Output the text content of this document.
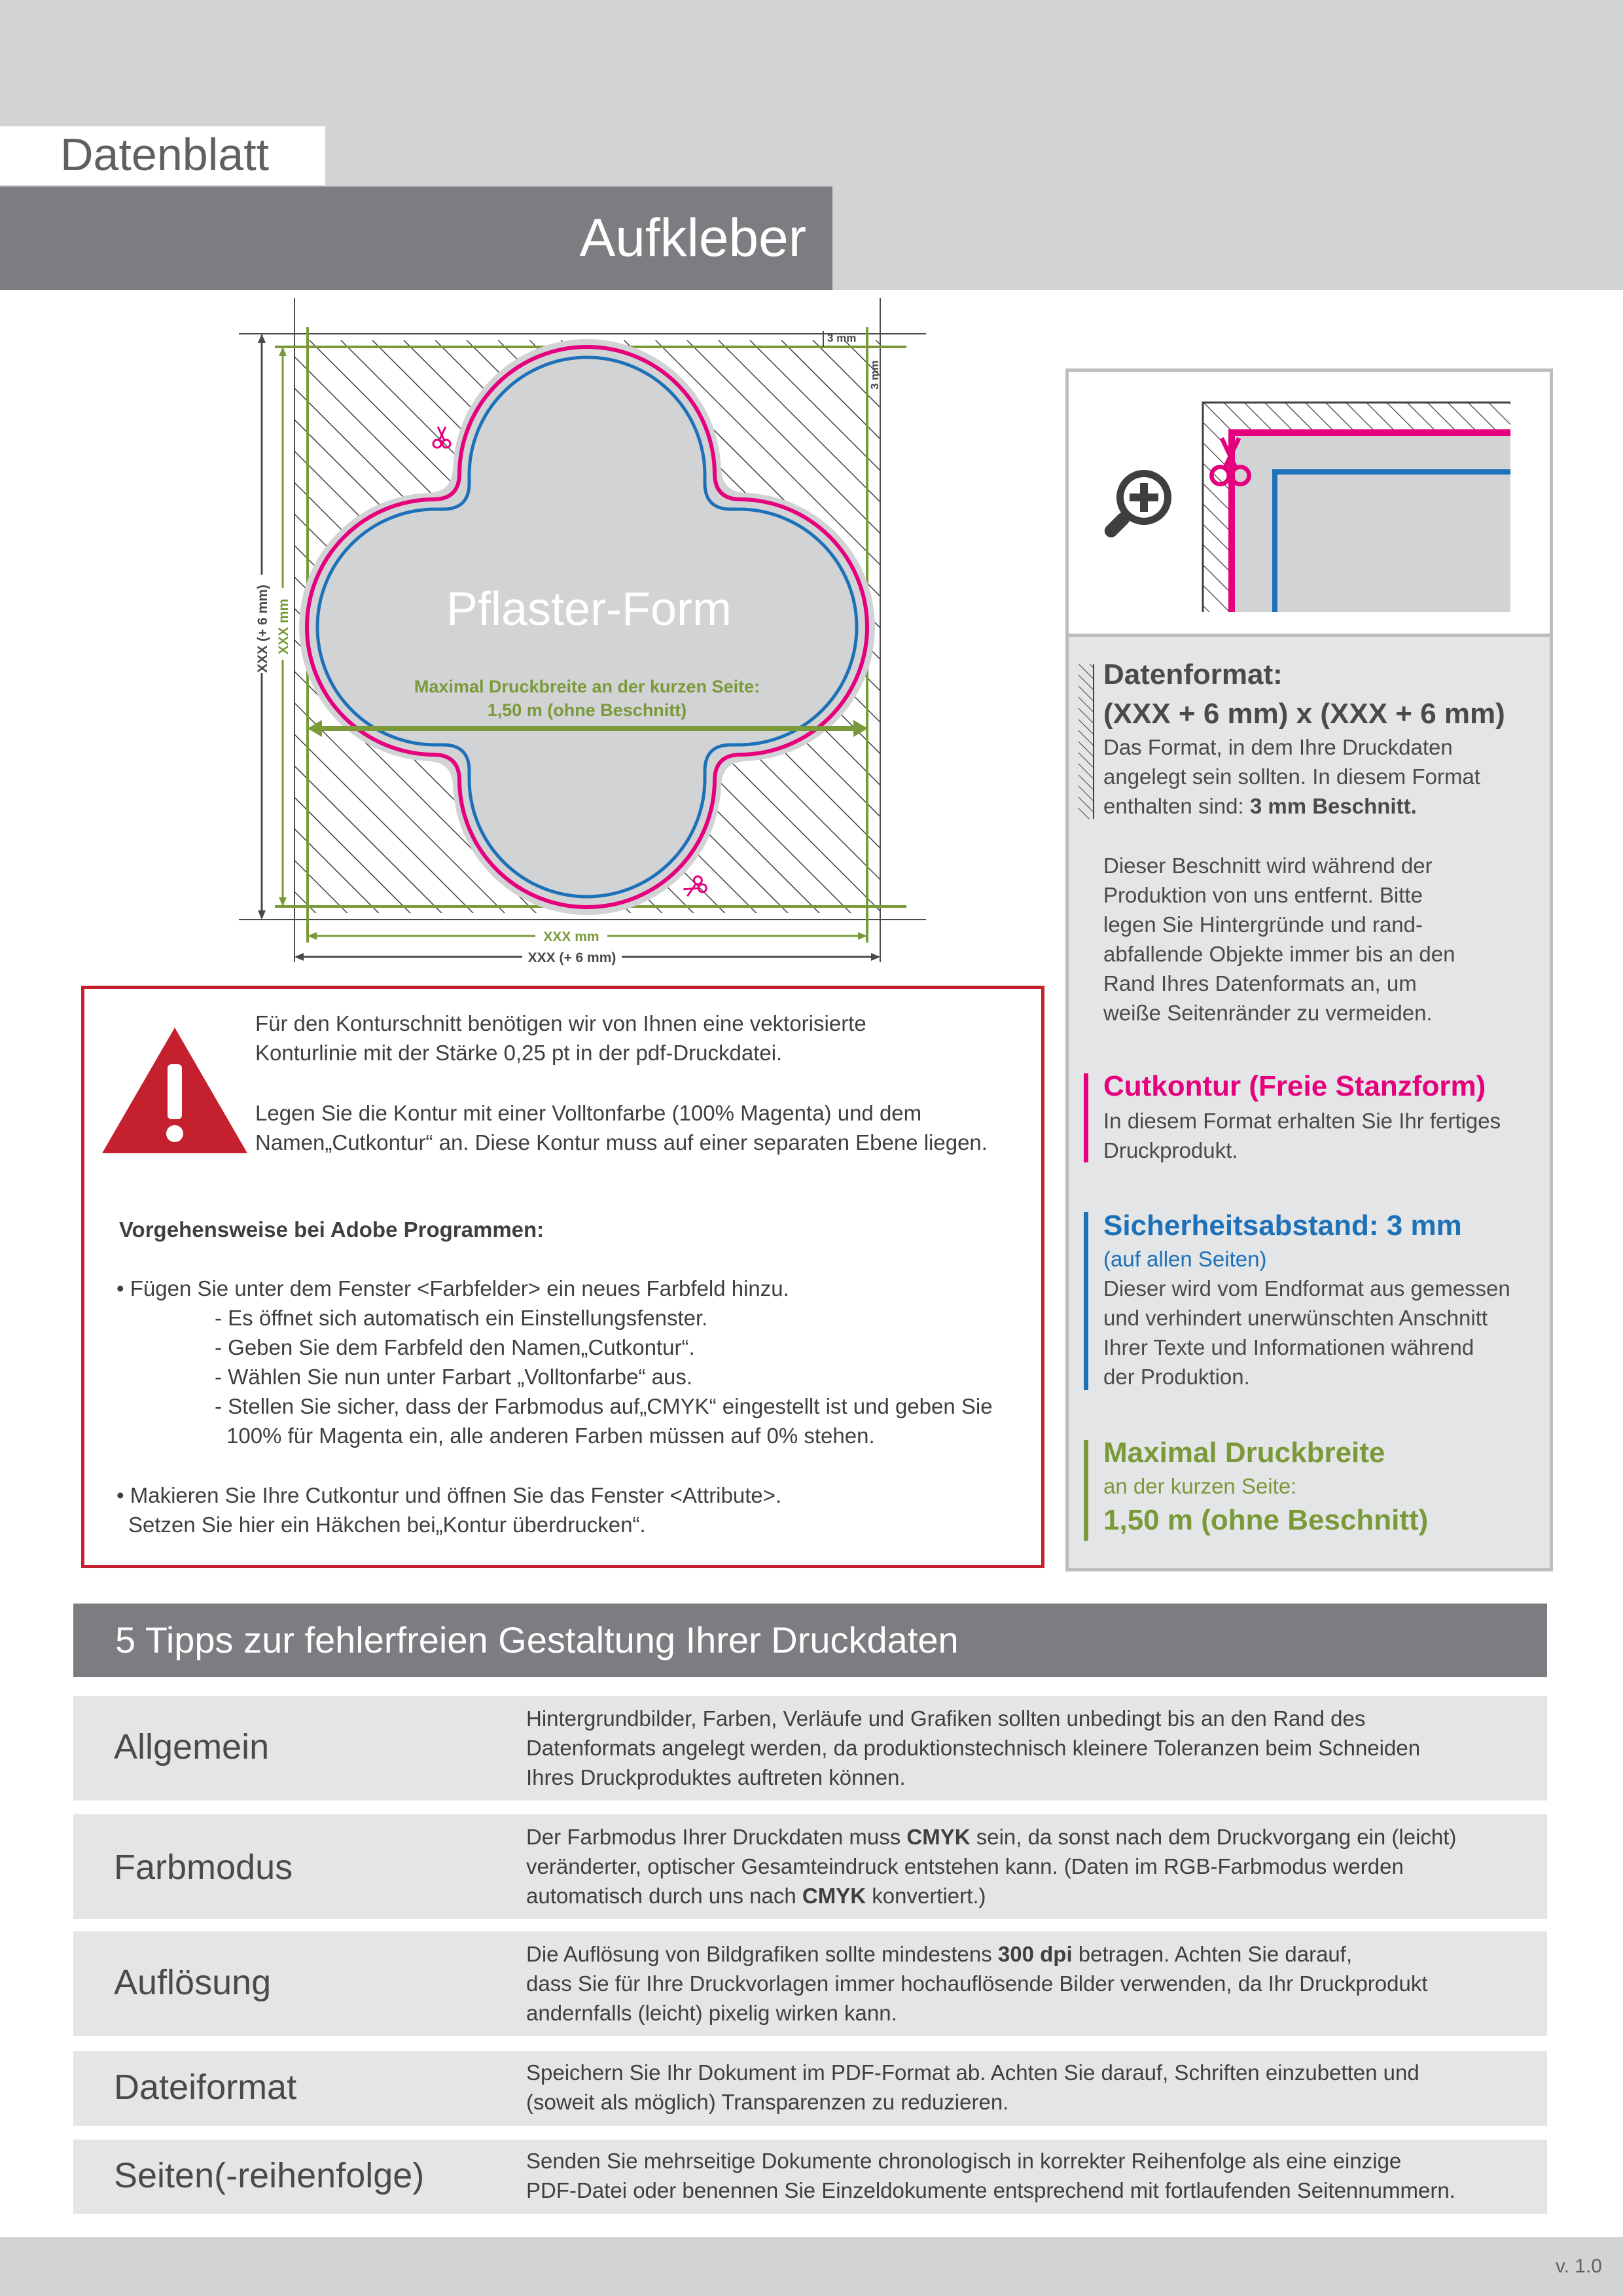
Datenblatt
Aufkleber
Pflaster-Form
Maximal Druckbreite an der kurzen Seite:
1,50 m (ohne Beschnitt)
3 mm
3 mm
XXX mm
XXX (+ 6 mm)
XXX (+ 6 mm) XXX mm
Für den Konturschnitt benötigen wir von Ihnen eine vektorisierte
Konturlinie mit der Stärke 0,25 pt in der pdf-Druckdatei.
Legen Sie die Kontur mit einer Volltonfarbe (100% Magenta) und dem
Namen„Cutkontur“ an. Diese Kontur muss auf einer separaten Ebene liegen.
Vorgehensweise bei Adobe Programmen:
• Fügen Sie unter dem Fenster <Farbfelder> ein neues Farbfeld hinzu.
- Es öffnet sich automatisch ein Einstellungsfenster.
- Geben Sie dem Farbfeld den Namen„Cutkontur“.
- Wählen Sie nun unter Farbart „Volltonfarbe“ aus.
- Stellen Sie sicher, dass der Farbmodus auf„CMYK“ eingestellt ist und geben Sie
100% für Magenta ein, alle anderen Farben müssen auf 0% stehen.
• Makieren Sie Ihre Cutkontur und öffnen Sie das Fenster <Attribute>.
Setzen Sie hier ein Häkchen bei„Kontur überdrucken“.
Datenformat:
(XXX + 6 mm) x (XXX + 6 mm)
Das Format, in dem Ihre Druckdaten
angelegt sein sollten. In diesem Format
enthalten sind: 3 mm Beschnitt.
Dieser Beschnitt wird während der
Produktion von uns entfernt. Bitte
legen Sie Hintergründe und rand-
abfallende Objekte immer bis an den
Rand Ihres Datenformats an, um
weiße Seitenränder zu vermeiden.
Cutkontur (Freie Stanzform)
In diesem Format erhalten Sie Ihr fertiges
Druckprodukt.
Sicherheitsabstand: 3 mm
(auf allen Seiten)
Dieser wird vom Endformat aus gemessen
und verhindert unerwünschten Anschnitt
Ihrer Texte und Informationen während
der Produktion.
Maximal Druckbreite
an der kurzen Seite:
1,50 m (ohne Beschnitt)
5 Tipps zur fehlerfreien Gestaltung Ihrer Druckdaten
Allgemein
Hintergrundbilder, Farben, Verläufe und Grafiken sollten unbedingt bis an den Rand des
Datenformats angelegt werden, da produktionstechnisch kleinere Toleranzen beim Schneiden
Ihres Druckproduktes auftreten können.
Farbmodus
Der Farbmodus Ihrer Druckdaten muss CMYK sein, da sonst nach dem Druckvorgang ein (leicht)
veränderter, optischer Gesamteindruck entstehen kann. (Daten im RGB-Farbmodus werden
automatisch durch uns nach CMYK konvertiert.)
Auflösung
Die Auflösung von Bildgrafiken sollte mindestens 300 dpi betragen. Achten Sie darauf,
dass Sie für Ihre Druckvorlagen immer hochauflösende Bilder verwenden, da Ihr Druckprodukt
andernfalls (leicht) pixelig wirken kann.
Dateiformat	Speichern Sie Ihr Dokument im PDF-Format ab. Achten Sie darauf, Schriften einzubetten und
(soweit als möglich) Transparenzen zu reduzieren.
Seiten(-reihenfolge)	Senden Sie mehrseitige Dokumente chronologisch in korrekter Reihenfolge als eine einzige
PDF-Datei oder benennen Sie Einzeldokumente entsprechend mit fortlaufenden Seitennummern.
v. 1.0
